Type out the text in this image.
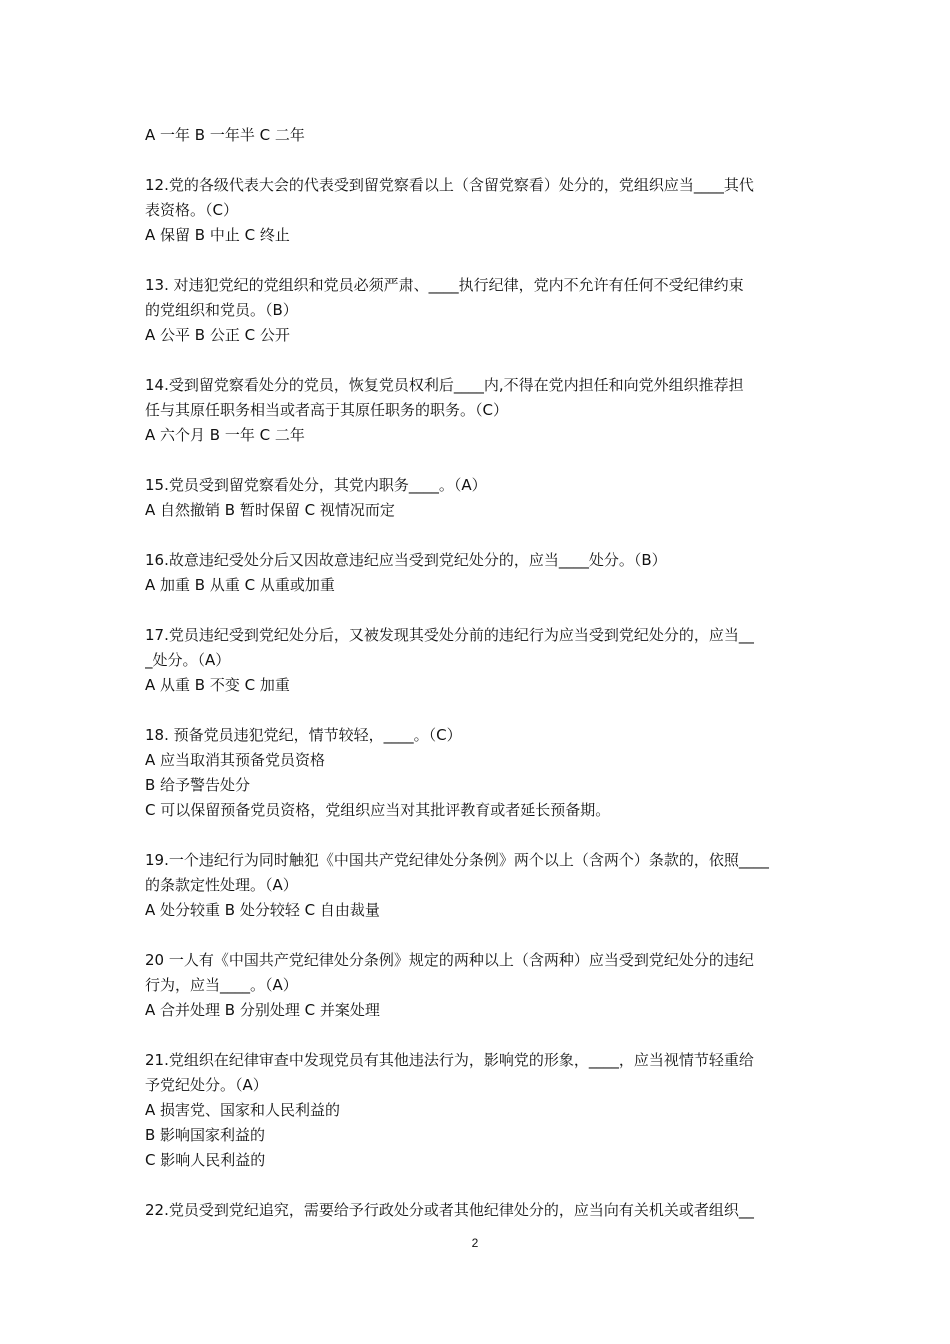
A 一年 B 一年半 C 二年
12.党的各级代表大会的代表受到留党察看以上（含留党察看）处分的，党组织应当____其代
表资格。（C）
A 保留 B 中止 C 终止
13. 对违犯党纪的党组织和党员必须严肃、____执行纪律，党内不允许有任何不受纪律约束
的党组织和党员。（B）
A 公平 B 公正 C 公开
14.受到留党察看处分的党员，恢复党员权利后____内,不得在党内担任和向党外组织推荐担
任与其原任职务相当或者高于其原任职务的职务。（C）
A 六个月 B 一年 C 二年
15.党员受到留党察看处分，其党内职务____。（A）
A 自然撤销 B 暂时保留 C 视情况而定
16.故意违纪受处分后又因故意违纪应当受到党纪处分的，应当____处分。（B）
A 加重 B 从重 C 从重或加重
17.党员违纪受到党纪处分后，又被发现其受处分前的违纪行为应当受到党纪处分的，应当__
_处分。（A）
A 从重 B 不变 C 加重
18. 预备党员违犯党纪，情节较轻，____。（C）
A 应当取消其预备党员资格
B 给予警告处分
C 可以保留预备党员资格，党组织应当对其批评教育或者延长预备期。
19.一个违纪行为同时触犯《中国共产党纪律处分条例》两个以上（含两个）条款的，依照____
的条款定性处理。（A）
A 处分较重 B 处分较轻 C 自由裁量
20 一人有《中国共产党纪律处分条例》规定的两种以上（含两种）应当受到党纪处分的违纪
行为，应当____。（A）
A 合并处理 B 分别处理 C 并案处理
21.党组织在纪律审查中发现党员有其他违法行为，影响党的形象，____，应当视情节轻重给
予党纪处分。（A）
A 损害党、国家和人民利益的
B 影响国家利益的
C 影响人民利益的
22.党员受到党纪追究，需要给予行政处分或者其他纪律处分的，应当向有关机关或者组织__
2
